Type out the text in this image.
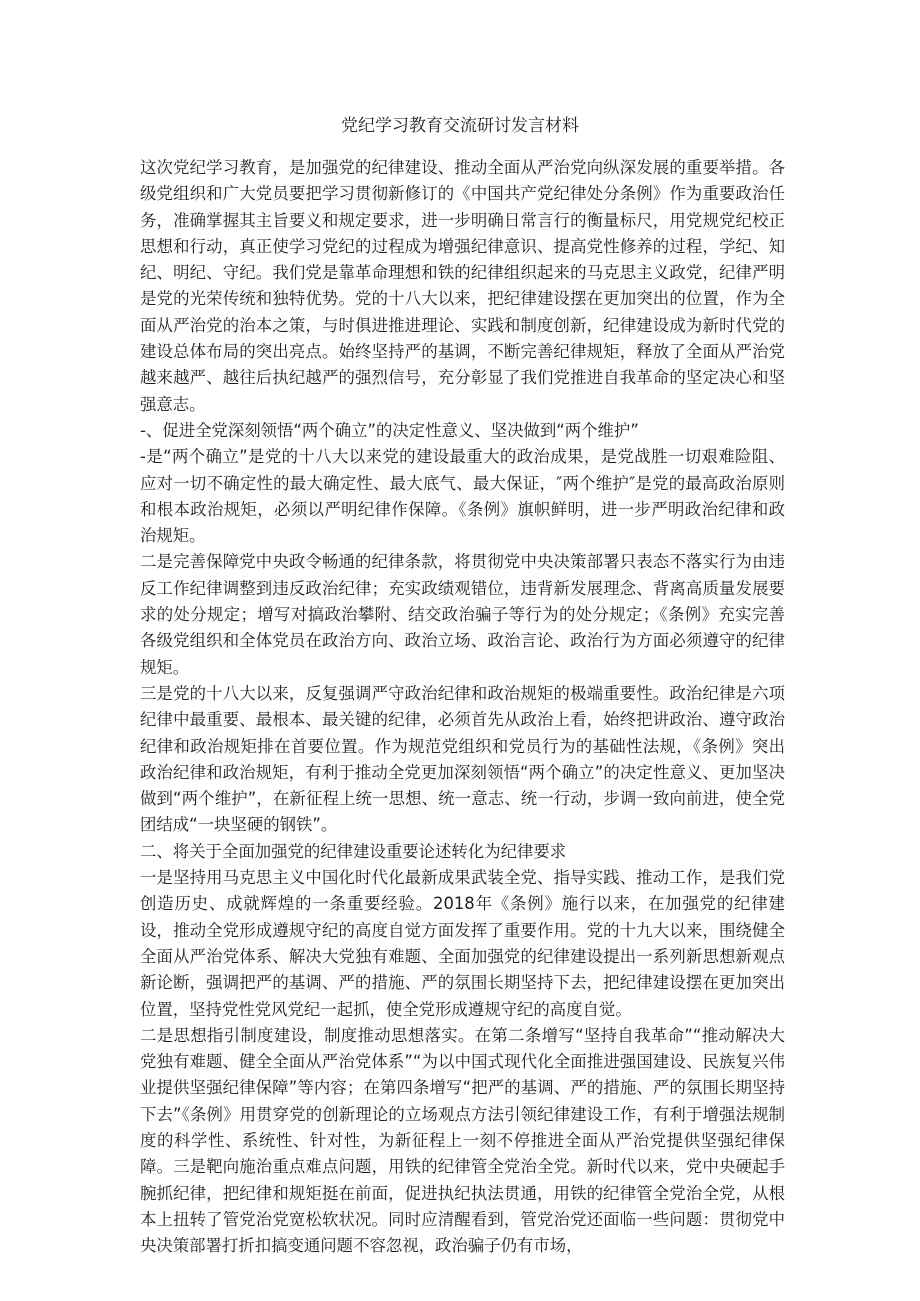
党纪学习教育交流研讨发言材料

这次党纪学习教育，是加强党的纪律建设、推动全面从严治党向纵深发展的重要举措。各级党组织和广大党员要把学习贯彻新修订的《中国共产党纪律处分条例》作为重要政治任务，准确掌握其主旨要义和规定要求，进一步明确日常言行的衡量标尺，用党规党纪校正思想和行动，真正使学习党纪的过程成为增强纪律意识、提高党性修养的过程，学纪、知纪、明纪、守纪。我们党是靠革命理想和铁的纪律组织起来的马克思主义政党，纪律严明是党的光荣传统和独特优势。党的十八大以来，把纪律建设摆在更加突出的位置，作为全面从严治党的治本之策，与时俱进推进理论、实践和制度创新，纪律建设成为新时代党的建设总体布局的突出亮点。始终坚持严的基调，不断完善纪律规矩，释放了全面从严治党越来越严、越往后执纪越严的强烈信号，充分彰显了我们党推进自我革命的坚定决心和坚强意志。

-、促进全党深刻领悟“两个确立”的决定性意义、坚决做到“两个维护”

-是“两个确立”是党的十八大以来党的建设最重大的政治成果，是党战胜一切艰难险阻、应对一切不确定性的最大确定性、最大底气、最大保证，″两个维护″是党的最高政治原则和根本政治规矩，必须以严明纪律作保障。《条例》旗帜鲜明，进一步严明政治纪律和政治规矩。

二是完善保障党中央政令畅通的纪律条款，将贯彻党中央决策部署只表态不落实行为由违反工作纪律调整到违反政治纪律；充实政绩观错位，违背新发展理念、背离高质量发展要求的处分规定；增写对搞政治攀附、结交政治骗子等行为的处分规定；《条例》充实完善各级党组织和全体党员在政治方向、政治立场、政治言论、政治行为方面必须遵守的纪律规矩。

三是党的十八大以来，反复强调严守政治纪律和政治规矩的极端重要性。政治纪律是六项纪律中最重要、最根本、最关键的纪律，必须首先从政治上看，始终把讲政治、遵守政治纪律和政治规矩排在首要位置。作为规范党组织和党员行为的基础性法规，《条例》突出政治纪律和政治规矩，有利于推动全党更加深刻领悟“两个确立”的决定性意义、更加坚决做到“两个维护”，在新征程上统一思想、统一意志、统一行动，步调一致向前进，使全党团结成“一块坚硬的钢铁”。

二、将关于全面加强党的纪律建设重要论述转化为纪律要求

一是坚持用马克思主义中国化时代化最新成果武装全党、指导实践、推动工作，是我们党创造历史、成就辉煌的一条重要经验。2018年《条例》施行以来，在加强党的纪律建设，推动全党形成遵规守纪的高度自觉方面发挥了重要作用。党的十九大以来，围绕健全全面从严治党体系、解决大党独有难题、全面加强党的纪律建设提出一系列新思想新观点新论断，强调把严的基调、严的措施、严的氛围长期坚持下去，把纪律建设摆在更加突出位置，坚持党性党风党纪一起抓，使全党形成遵规守纪的高度自觉。

二是思想指引制度建设，制度推动思想落实。在第二条增写“坚持自我革命”“推动解决大党独有难题、健全全面从严治党体系”“为以中国式现代化全面推进强国建设、民族复兴伟业提供坚强纪律保障”等内容；在第四条增写“把严的基调、严的措施、严的氛围长期坚持下去”《条例》用贯穿党的创新理论的立场观点方法引领纪律建设工作，有利于增强法规制度的科学性、系统性、针对性，为新征程上一刻不停推进全面从严治党提供坚强纪律保障。三是靶向施治重点难点问题，用铁的纪律管全党治全党。新时代以来，党中央硬起手腕抓纪律，把纪律和规矩挺在前面，促进执纪执法贯通，用铁的纪律管全党治全党，从根本上扭转了管党治党宽松软状况。同时应清醒看到，管党治党还面临一些问题：贯彻党中央决策部署打折扣搞变通问题不容忽视，政治骗子仍有市场，
